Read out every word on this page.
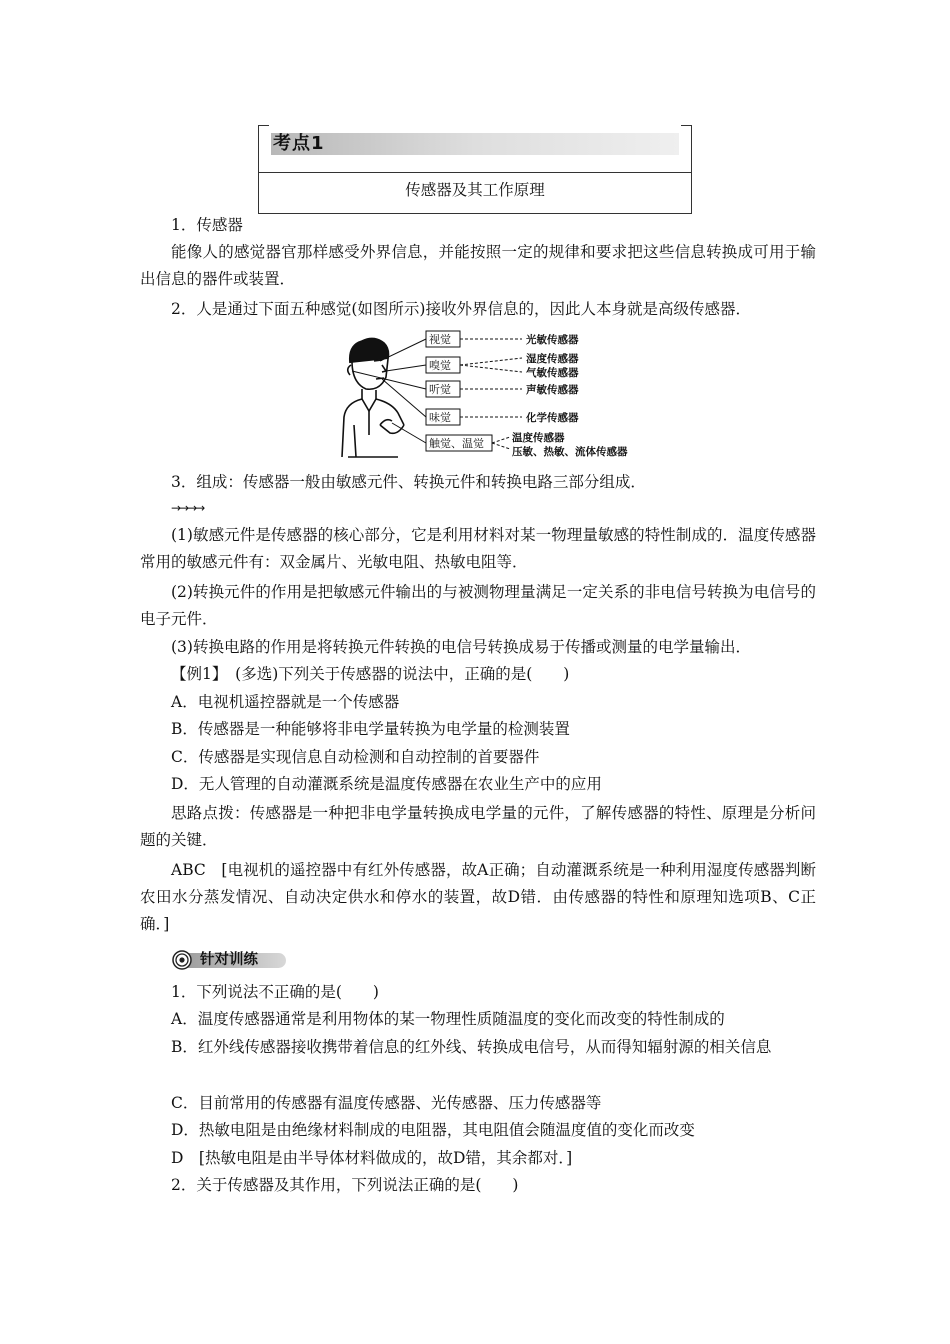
考点1
传感器及其工作原理

1．传感器

能像人的感觉器官那样感受外界信息，并能按照一定的规律和要求把这些信息转换成可用于输出信息的器件或装置．

2．人是通过下面五种感觉(如图所示)接收外界信息的，因此人本身就是高级传感器．

视觉
嗅觉
听觉
味觉
触觉、温觉
光敏传感器
湿度传感器
气敏传感器
声敏传感器
化学传感器
温度传感器
压敏、热敏、流体传感器

3．组成：传感器一般由敏感元件、转换元件和转换电路三部分组成．

→→→→

(1)敏感元件是传感器的核心部分，它是利用材料对某一物理量敏感的特性制成的．温度传感器常用的敏感元件有：双金属片、光敏电阻、热敏电阻等．

(2)转换元件的作用是把敏感元件输出的与被测物理量满足一定关系的非电信号转换为电信号的电子元件．

(3)转换电路的作用是将转换元件转换的电信号转换成易于传播或测量的电学量输出．

【例1】　 (多选)下列关于传感器的说法中，正确的是(　　)

A．电视机遥控器就是一个传感器

B．传感器是一种能够将非电学量转换为电学量的检测装置

C．传感器是实现信息自动检测和自动控制的首要器件

D．无人管理的自动灌溉系统是温度传感器在农业生产中的应用

思路点拨：传感器是一种把非电学量转换成电学量的元件，了解传感器的特性、原理是分析问题的关键．

ABC　[电视机的遥控器中有红外传感器，故A正确；自动灌溉系统是一种利用湿度传感器判断农田水分蒸发情况、自动决定供水和停水的装置，故D错．由传感器的特性和原理知选项B、C正确．]

针对训练

1．下列说法不正确的是(　　)

A．温度传感器通常是利用物体的某一物理性质随温度的变化而改变的特性制成的

B．红外线传感器接收携带着信息的红外线、转换成电信号，从而得知辐射源的相关信息

C．目前常用的传感器有温度传感器、光传感器、压力传感器等

D．热敏电阻是由绝缘材料制成的电阻器，其电阻值会随温度值的变化而改变

D　[热敏电阻是由半导体材料做成的，故D错，其余都对．]

2．关于传感器及其作用，下列说法正确的是(　　)
